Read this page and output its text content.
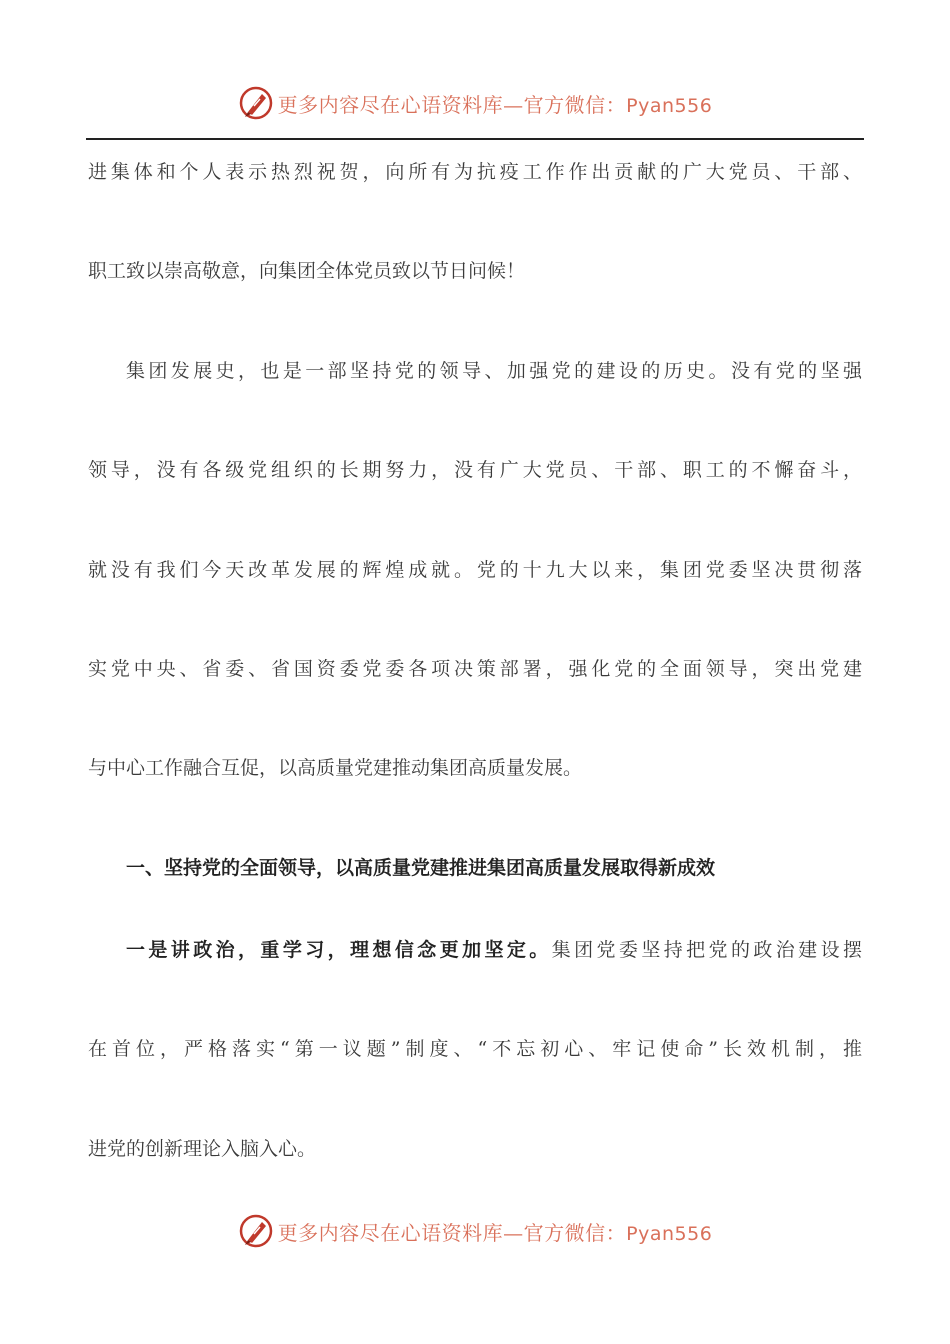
更多内容尽在心语资料库—官方微信：Pyan556
进集体和个人表示热烈祝贺，向所有为抗疫工作作出贡献的广大党员、干部、
职工致以崇高敬意，向集团全体党员致以节日问候！
集团发展史，也是一部坚持党的领导、加强党的建设的历史。没有党的坚强
领导，没有各级党组织的长期努力，没有广大党员、干部、职工的不懈奋斗，
就没有我们今天改革发展的辉煌成就。党的十九大以来，集团党委坚决贯彻落
实党中央、省委、省国资委党委各项决策部署，强化党的全面领导，突出党建
与中心工作融合互促，以高质量党建推动集团高质量发展。
一、坚持党的全面领导，以高质量党建推进集团高质量发展取得新成效
一是讲政治，重学习，理想信念更加坚定。集团党委坚持把党的政治建设摆
在首位，严格落实“第一议题”制度、“不忘初心、牢记使命”长效机制，推
进党的创新理论入脑入心。
更多内容尽在心语资料库—官方微信：Pyan556
